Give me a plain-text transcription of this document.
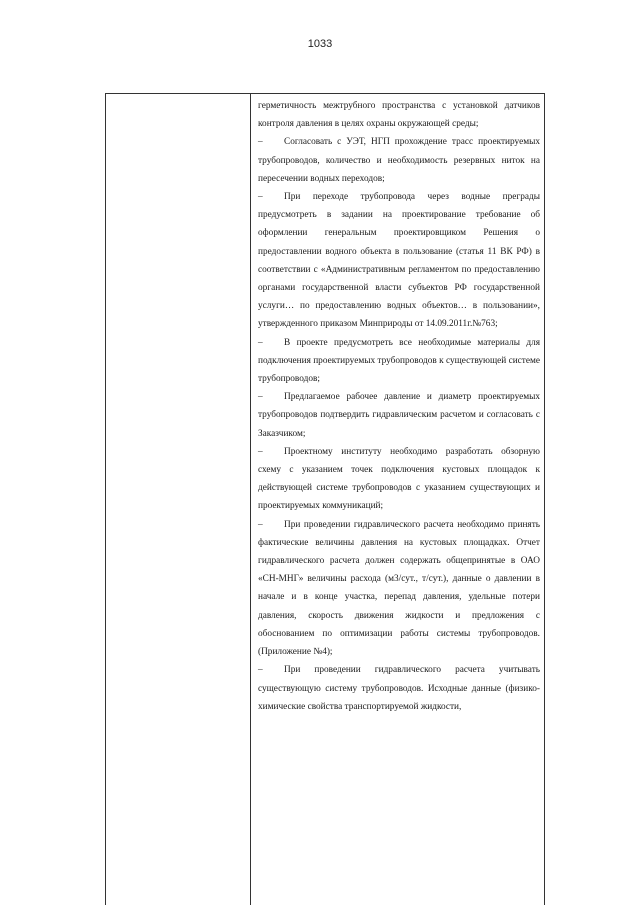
1033

герметичность межтрубного пространства с установкой датчиков контроля давления в целях охраны окружающей среды;

– Согласовать с УЭТ, НГП прохождение трасс проектируемых трубопроводов, количество и необходимость резервных ниток на пересечении водных переходов;

– При переходе трубопровода через водные преграды предусмотреть в задании на проектирование требование об оформлении генеральным проектировщиком Решения о предоставлении водного объекта в пользование (статья 11 ВК РФ) в соответствии с «Административным регламентом по предоставлению органами государственной власти субъектов РФ государственной услуги… по предоставлению водных объектов… в пользовании», утвержденного приказом Минприроды от 14.09.2011г.№763;

– В проекте предусмотреть все необходимые материалы для подключения проектируемых трубопроводов к существующей системе трубопроводов;

– Предлагаемое рабочее давление и диаметр проектируемых трубопроводов подтвердить гидравлическим расчетом и согласовать с Заказчиком;

– Проектному институту необходимо разработать обзорную схему с указанием точек подключения кустовых площадок к действующей системе трубопроводов с указанием существующих и проектируемых коммуникаций;

– При проведении гидравлического расчета необходимо принять фактические величины давления на кустовых площадках. Отчет гидравлического расчета должен содержать общепринятые в ОАО «СН-МНГ» величины расхода (м3/сут., т/сут.), данные о давлении в начале и в конце участка, перепад давления, удельные потери давления, скорость движения жидкости и предложения с обоснованием по оптимизации работы системы трубопроводов. (Приложение №4);

– При проведении гидравлического расчета учитывать существующую систему трубопроводов. Исходные данные (физико-химические свойства транспортируемой жидкости,
